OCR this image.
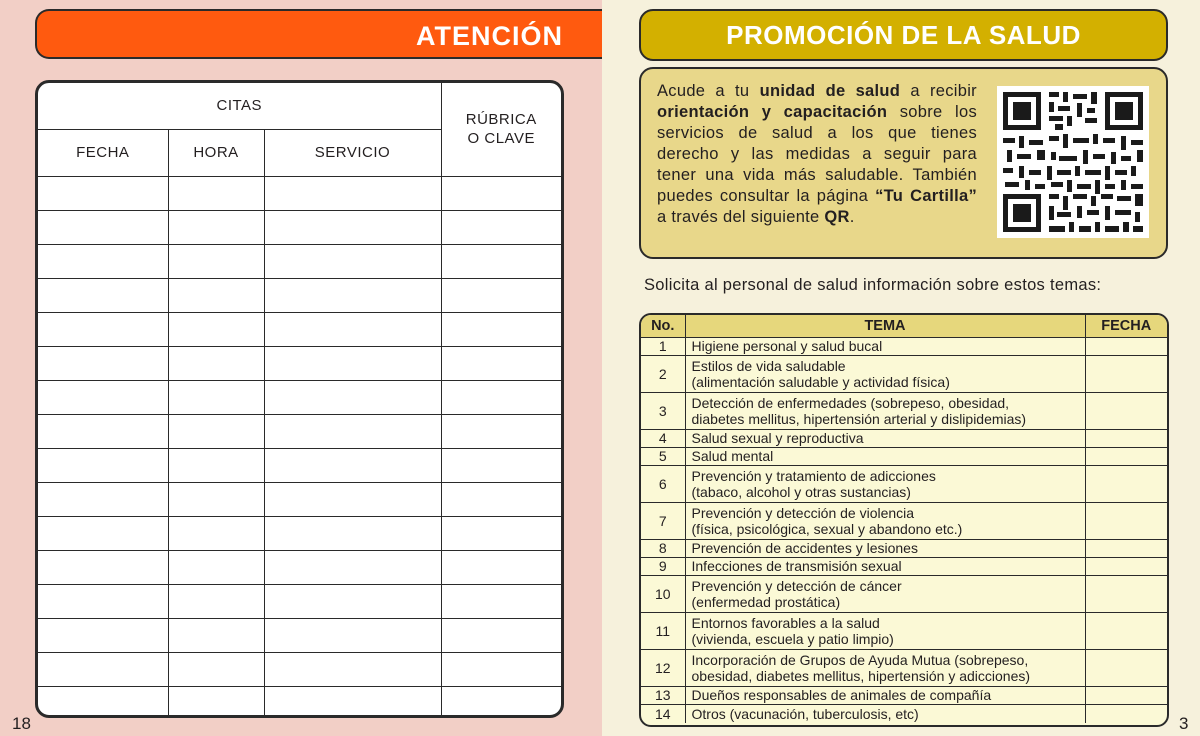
ATENCIÓN
CITAS			RÚBRICA O CLAVE

FECHA	HORA	SERVICIO	

18
PROMOCIÓN DE LA SALUD
Acude a tu unidad de salud a recibir orientación y capacitación sobre los servicios de salud a los que tienes derecho y las medidas a seguir para tener una vida más saludable. También puedes consultar la página “Tu Cartilla” a través del siguiente QR.
Solicita al personal de salud información sobre estos temas:
No.	TEMA	FECHA
1	Higiene personal y salud bucal	

2	Estilos de vida saludable
(alimentación saludable y actividad física)	

3	Detección de enfermedades (sobrepeso, obesidad,
diabetes mellitus, hipertensión arterial y dislipidemias)	

4	Salud sexual y reproductiva	

5	Salud mental	

6	Prevención y tratamiento de adicciones
(tabaco, alcohol y otras sustancias)	

7	Prevención y detección de violencia
(física, psicológica, sexual y abandono etc.)	

8	Prevención de accidentes y lesiones	

9	Infecciones de transmisión sexual	

10	Prevención y detección de cáncer
(enfermedad prostática)	

11	Entornos favorables a la salud
(vivienda, escuela y patio limpio)	

12	Incorporación de Grupos de Ayuda Mutua (sobrepeso,
obesidad, diabetes mellitus, hipertensión y adicciones)	

13	Dueños responsables de animales de compañía	

14	Otros (vacunación, tuberculosis, etc)	

3
